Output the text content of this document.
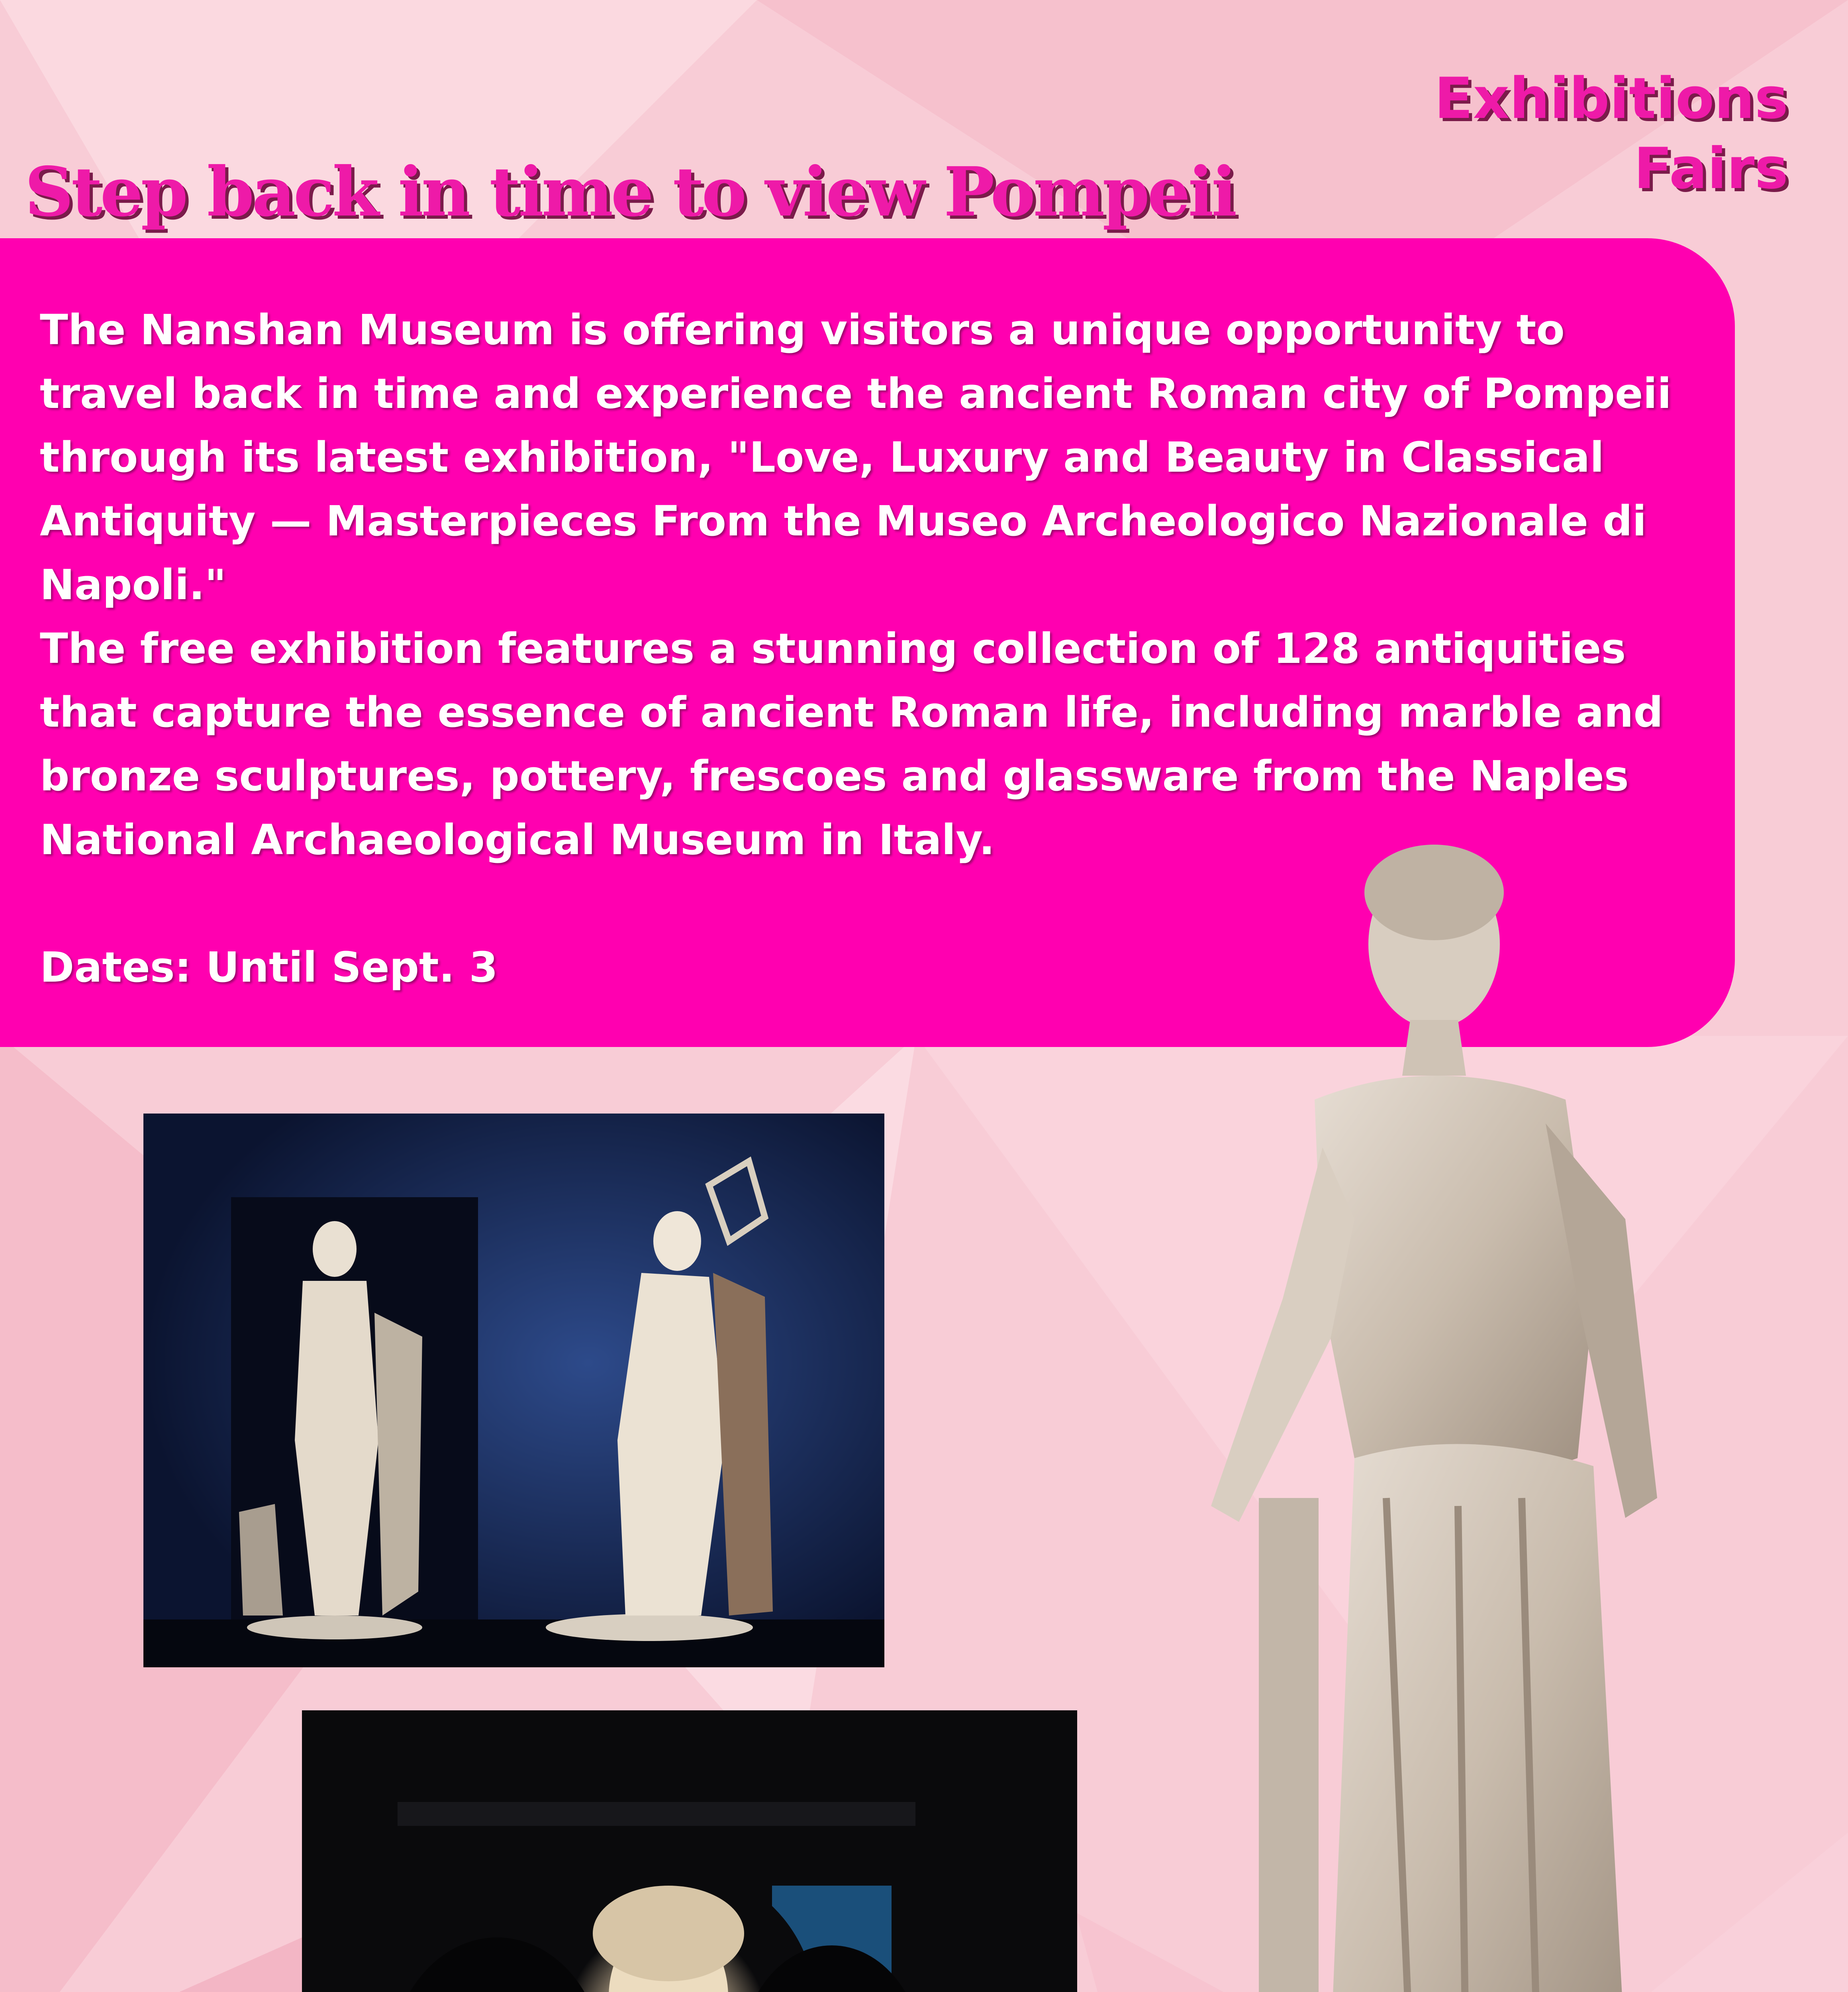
Exhibitions
Fairs
Step back in time to view Pompeii

The Nanshan Museum is offering visitors a unique opportunity to travel back in time and experience the ancient Roman city of Pompeii through its latest exhibition, "Love, Luxury and Beauty in Classical Antiquity — Masterpieces From the Museo Archeologico Nazionale di Napoli."

The free exhibition features a stunning collection of 128 antiquities that capture the essence of ancient Roman life, including marble and bronze sculptures, pottery, frescoes and glassware from the Naples National Archaeological Museum in Italy.

Dates: Until Sept. 3
